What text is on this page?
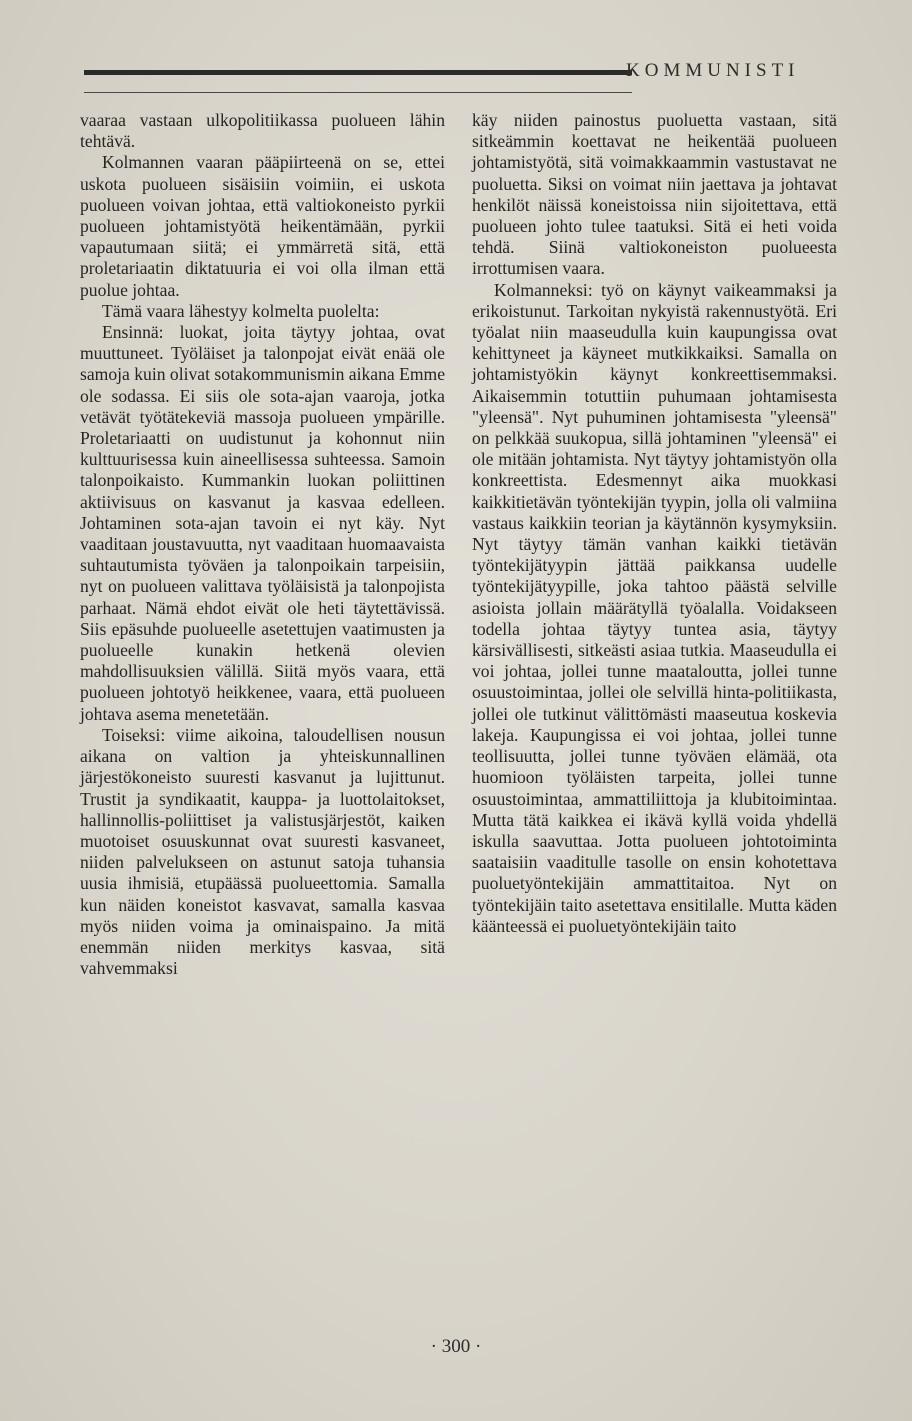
KOMMUNISTI

vaaraa vastaan ulkopolitiikassa puolueen lähin tehtävä.

Kolmannen vaaran pääpiirteenä on se, ettei uskota puolueen sisäisiin voimiin, ei uskota puolueen voivan johtaa, että valtiokoneisto pyrkii puolueen johtamistyötä heikentämään, pyrkii vapautumaan siitä; ei ymmärretä sitä, että proletariaatin diktatuuria ei voi olla ilman että puolue johtaa.

Tämä vaara lähestyy kolmelta puolelta:

Ensinnä: luokat, joita täytyy johtaa, ovat muuttuneet. Työläiset ja talonpojat eivät enää ole samoja kuin olivat sotakommunismin aikana Emme ole sodassa. Ei siis ole sota-ajan vaaroja, jotka vetävät työtätekeviä massoja puolueen ympärille. Proletariaatti on uudistunut ja kohonnut niin kulttuurisessa kuin aineellisessa suhteessa. Samoin talonpoikaisto. Kummankin luokan poliittinen aktiivisuus on kasvanut ja kasvaa edelleen. Johtaminen sota-ajan tavoin ei nyt käy. Nyt vaaditaan joustavuutta, nyt vaaditaan huomaavaista suhtautumista työväen ja talonpoikain tarpeisiin, nyt on puolueen valittava työläisistä ja talonpojista parhaat. Nämä ehdot eivät ole heti täytettävissä. Siis epäsuhde puolueelle asetettujen vaatimusten ja puolueelle kunakin hetkenä olevien mahdollisuuksien välillä. Siitä myös vaara, että puolueen johtotyö heikkenee, vaara, että puolueen johtava asema menetetään.

Toiseksi: viime aikoina, taloudellisen nousun aikana on valtion ja yhteiskunnallinen järjestökoneisto suuresti kasvanut ja lujittunut. Trustit ja syndikaatit, kauppa- ja luottolaitokset, hallinnollis-poliittiset ja valistusjärjestöt, kaiken muotoiset osuuskunnat ovat suuresti kasvaneet, niiden palvelukseen on astunut satoja tuhansia uusia ihmisiä, etupäässä puolueettomia. Samalla kun näiden koneistot kasvavat, samalla kasvaa myös niiden voima ja ominaispaino. Ja mitä enemmän niiden merkitys kasvaa, sitä vahvemmaksi

käy niiden painostus puoluetta vastaan, sitä sitkeämmin koettavat ne heikentää puolueen johtamistyötä, sitä voimakkaammin vastustavat ne puoluetta. Siksi on voimat niin jaettava ja johtavat henkilöt näissä koneistoissa niin sijoitettava, että puolueen johto tulee taatuksi. Sitä ei heti voida tehdä. Siinä valtiokoneiston puolueesta irrottumisen vaara.

Kolmanneksi: työ on käynyt vaikeammaksi ja erikoistunut. Tarkoitan nykyistä rakennustyötä. Eri työalat niin maaseudulla kuin kaupungissa ovat kehittyneet ja käyneet mutkikkaiksi. Samalla on johtamistyökin käynyt konkreettisemmaksi. Aikaisemmin totuttiin puhumaan johtamisesta "yleensä". Nyt puhuminen johtamisesta "yleensä" on pelkkää suukopua, sillä johtaminen "yleensä" ei ole mitään johtamista. Nyt täytyy johtamistyön olla konkreettista. Edesmennyt aika muokkasi kaikkitietävän työntekijän tyypin, jolla oli valmiina vastaus kaikkiin teorian ja käytännön kysymyksiin. Nyt täytyy tämän vanhan kaikki tietävän työntekijätyypin jättää paikkansa uudelle työntekijätyypille, joka tahtoo päästä selville asioista jollain määrätyllä työalalla. Voidakseen todella johtaa täytyy tuntea asia, täytyy kärsivällisesti, sitkeästi asiaa tutkia. Maaseudulla ei voi johtaa, jollei tunne maataloutta, jollei tunne osuustoimintaa, jollei ole selvillä hinta-politiikasta, jollei ole tutkinut välittömästi maaseutua koskevia lakeja. Kaupungissa ei voi johtaa, jollei tunne teollisuutta, jollei tunne työväen elämää, ota huomioon työläisten tarpeita, jollei tunne osuustoimintaa, ammattiliittoja ja klubitoimintaa. Mutta tätä kaikkea ei ikävä kyllä voida yhdellä iskulla saavuttaa. Jotta puolueen johtotoiminta saataisiin vaaditulle tasolle on ensin kohotettava puoluetyöntekijäin ammattitaitoa. Nyt on työntekijäin taito asetettava ensitilalle. Mutta käden käänteessä ei puoluetyöntekijäin taito

· 300 ·
